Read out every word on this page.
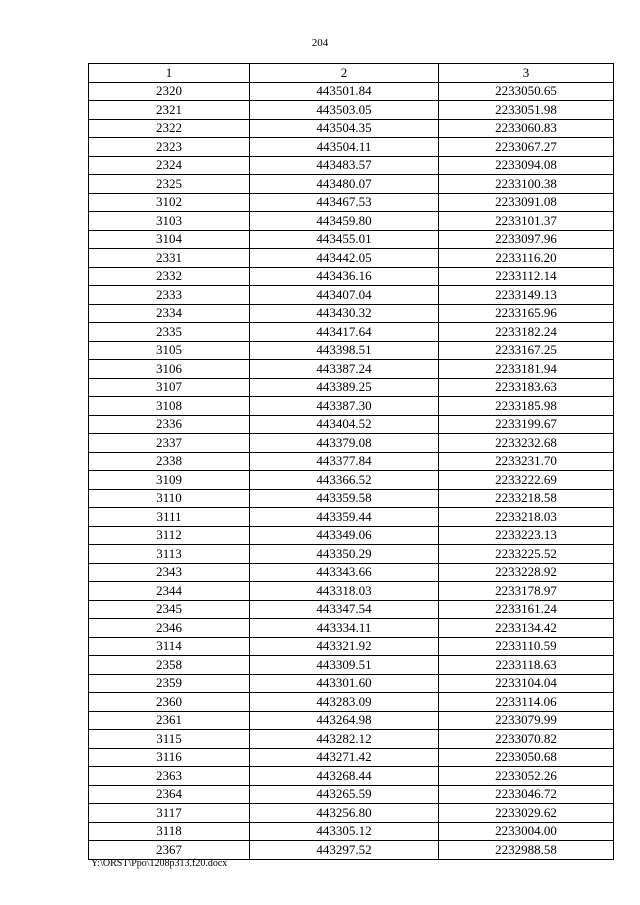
204
1	2	3
2320	443501.84	2233050.65
2321	443503.05	2233051.98
2322	443504.35	2233060.83
2323	443504.11	2233067.27
2324	443483.57	2233094.08
2325	443480.07	2233100.38
3102	443467.53	2233091.08
3103	443459.80	2233101.37
3104	443455.01	2233097.96
2331	443442.05	2233116.20
2332	443436.16	2233112.14
2333	443407.04	2233149.13
2334	443430.32	2233165.96
2335	443417.64	2233182.24
3105	443398.51	2233167.25
3106	443387.24	2233181.94
3107	443389.25	2233183.63
3108	443387.30	2233185.98
2336	443404.52	2233199.67
2337	443379.08	2233232.68
2338	443377.84	2233231.70
3109	443366.52	2233222.69
3110	443359.58	2233218.58
3111	443359.44	2233218.03
3112	443349.06	2233223.13
3113	443350.29	2233225.52
2343	443343.66	2233228.92
2344	443318.03	2233178.97
2345	443347.54	2233161.24
2346	443334.11	2233134.42
3114	443321.92	2233110.59
2358	443309.51	2233118.63
2359	443301.60	2233104.04
2360	443283.09	2233114.06
2361	443264.98	2233079.99
3115	443282.12	2233070.82
3116	443271.42	2233050.68
2363	443268.44	2233052.26
2364	443265.59	2233046.72
3117	443256.80	2233029.62
3118	443305.12	2233004.00
2367	443297.52	2232988.58
Y:\ORST\Ppo\1208p313.f20.docx
